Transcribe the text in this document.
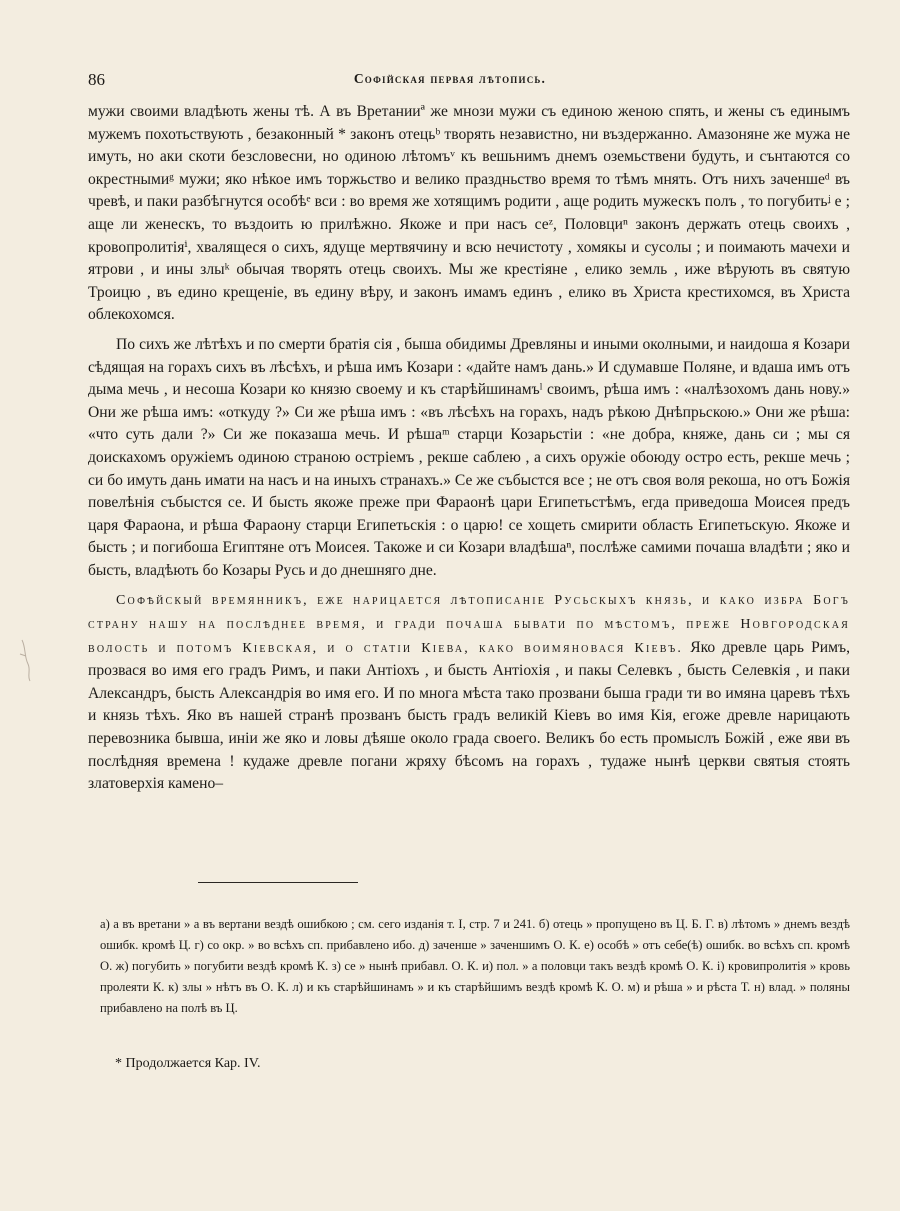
86	Софійская первая лѣтопись.

мужи своими владѣють жены тѣ. А въ Вретанииª же мнози мужи съ единою женою спять, и жены съ единымъ мужемъ похотьствують , безаконный * законъ отецьᵇ творять независтно, ни въздержанно. Амазоняне же мужа не имуть, но аки скоти безсловесни, но одиною лѣтомъᵛ къ вешьнимъ днемъ оземьствени будуть, и сънтаются со окрестнымиᵍ мужи; яко нѣкое имъ торжьство и велико праздньство время то тѣмъ мнять. Отъ нихъ заченшеᵈ въ чревѣ, и паки разбѣгнутся особѣᵉ вси : во время же хотящимъ родити , аще родить мужескъ полъ , то погубитьᶨ е ; аще ли женескъ, то въздоить ю прилѣжно. Якоже и при насъ сеᶻ, Половциⁿ законъ держать отець своихъ , кровопролитіяⁱ, хвалящеся о сихъ, ядуще мертвячину и всю нечистоту , хомякы и сусолы ; и поимають мачехи и ятрови , и ины злыᵏ обычая творять отець своихъ. Мы же крестіяне , елико земль , иже вѣрують въ святую Троицю , въ едино крещеніе, въ едину вѣру, и законъ имамъ единъ , елико въ Христа крестихомся, въ Христа облекохомся.

По сихъ же лѣтѣхъ и по смерти братія сія , быша обидимы Древляны и иными околными, и наидоша я Козари сѣдящая на горахъ сихъ въ лѣсѣхъ, и рѣша имъ Козари : «дайте намъ дань.» И сдумавше Поляне, и вдаша имъ отъ дыма мечь , и несоша Козари ко князю своему и къ старѣйшинамъˡ своимъ, рѣша имъ : «налѣзохомъ дань нову.» Они же рѣша имъ: «откуду ?» Си же рѣша имъ : «въ лѣсѣхъ на горахъ, надъ рѣкою Днѣпрьскою.» Они же рѣша: «что суть дали ?» Си же показаша мечь. И рѣшаᵐ старци Козарьстіи : «не добра, княже, дань си ; мы ся доискахомъ оружіемъ одиною страною остріемъ , рекше саблею , а сихъ оружіе обоюду остро есть, рекше мечь ; си бо имуть дань имати на насъ и на иныхъ странахъ.» Се же събыстся все ; не отъ своя воля рекоша, но отъ Божія повелѣнія събыстся се. И бысть якоже преже при Фараонѣ цари Египетьстѣмъ, егда приведоша Моисея предъ царя Фараона, и рѣша Фараону старци Египетьскія : о царю! се хощеть смирити область Египетьскую. Якоже и бысть ; и погибоша Египтяне отъ Моисея. Такоже и си Козари владѣшаⁿ, послѣже самими почаша владѣти ; яко и бысть, владѣють бо Козары Русь и до днешняго дне.

Софѣйскый времянникъ, еже нарицается лѣтописаніе Русьскыхъ князь, и како избра Богъ страну нашу на послѣднее время, и гради почаша бывати по мѣстомъ, преже Новгородская волость и потомъ Кіевская, и о статіи Кіева, како воимяновася Кіевъ. Яко древле царь Римъ, прозвася во имя его градъ Римъ, и паки Антіохъ , и бысть Антіохія , и пакы Селевкъ , бысть Селевкія , и паки Александръ, бысть Александрія во имя его. И по многа мѣста тако прозвани быша гради ти во имяна царевъ тѣхъ и князь тѣхъ. Яко въ нашей странѣ прозванъ бысть градъ великій Кіевъ во имя Кія, егоже древле нарицають перевозника бывша, иніи же яко и ловы дѣяше около града своего. Великъ бо есть промыслъ Божій , еже яви въ послѣдняя времена ! кудаже древле погани жряху бѣсомъ на горахъ , тудаже нынѣ церкви святыя стоять златоверхія камено–

а) а въ вретани » а въ вертани вездѣ ошибкою ; см. сего изданія т. I, стр. 7 и 241. б) отець » пропущено въ Ц. Б. Г. в) лѣтомъ » днемъ вездѣ ошибк. кромѣ Ц. г) со окр. » во всѣхъ сп. прибавлено ибо. д) заченше » заченшимъ О. К. е) особѣ » отъ себе(ѣ) ошибк. во всѣхъ сп. кромѣ О. ж) погубить » погубити вездѣ кромѣ К. з) се » нынѣ прибавл. О. К. и) пол. » а половци такъ вездѣ кромѣ О. К. і) кровипролитія » кровь пролеяти К. к) злы » нѣтъ въ О. К. л) и къ старѣйшинамъ » и къ старѣйшимъ вездѣ кромѣ К. О. м) и рѣша » и рѣста Т. н) влад. » поляны прибавлено на полѣ въ Ц.
* Продолжается Кар. IV.
